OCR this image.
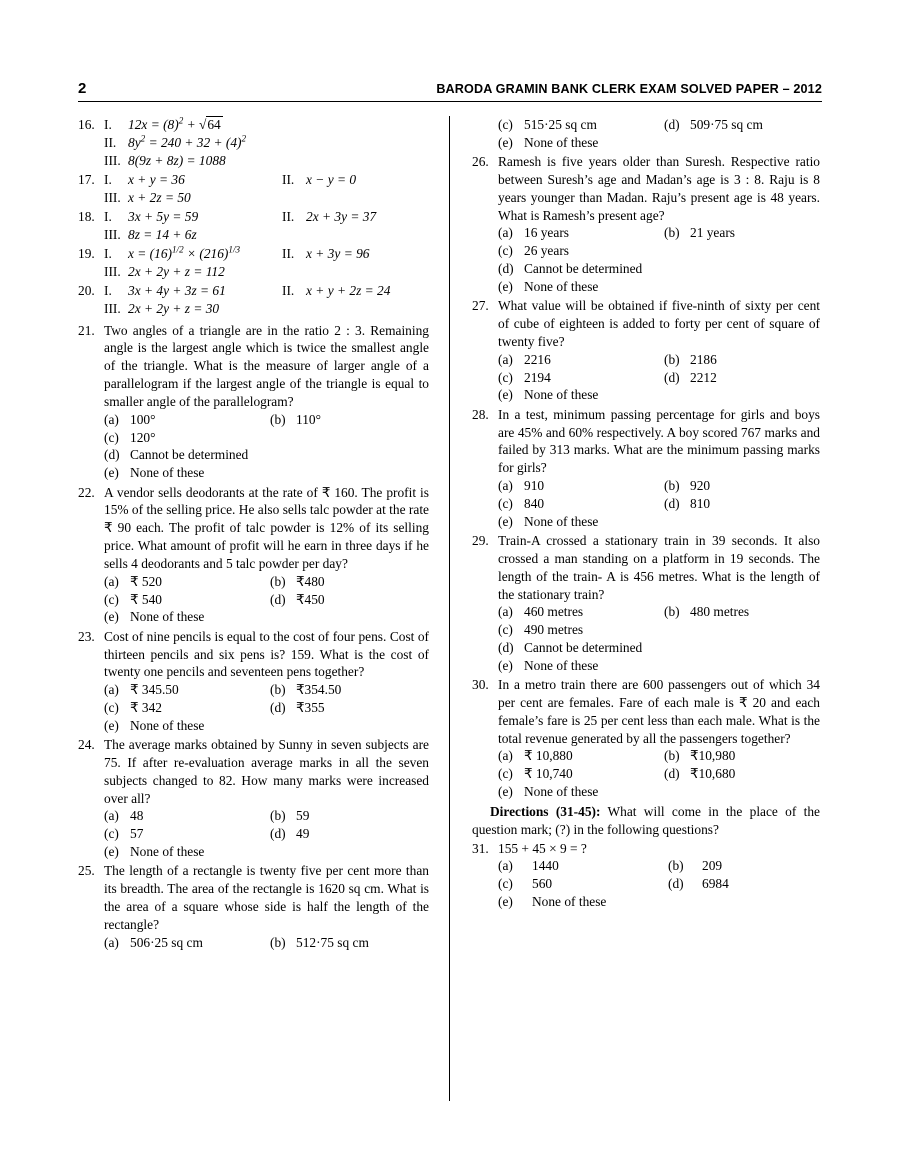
2	BARODA GRAMIN BANK CLERK EXAM SOLVED PAPER – 2012
16. I.	$12x = (8)^2 + √64$
II. $8y^2 = 240 + 32 + (4)^2$
III. 8(9z + 8z) = 1088
17. I.	x + y = 36	II. x − y = 0
III. x + 2z = 50
18. I.	3x + 5y = 59	II. 2x + 3y = 37
III. 8z = 14 + 6z
19. I.	$x = (16)^{1/2} \times (216)^{1/3}$	II. x + 3y = 96
III. 2x + 2y + z = 112
20. I.	3x + 4y + 3z = 61	II. x + y + 2z = 24
III. 2x + 2y + z = 30
21. Two angles of a triangle are in the ratio 2 : 3. Remaining angle is the largest angle which is twice the smallest angle of the triangle. What is the measure of larger angle of a parallelogram if the largest angle of the triangle is equal to smaller angle of the parallelogram?
(a) 100°	(b) 110°
(c) 120°
(d) Cannot be determined
(e) None of these
22. A vendor sells deodorants at the rate of ₹ 160. The profit is 15% of the selling price. He also sells talc powder at the rate ₹ 90 each. The profit of talc powder is 12% of its selling price. What amount of profit will he earn in three days if he sells 4 deodorants and 5 talc powder per day?
(a) ₹ 520	(b) ₹480
(c) ₹ 540	(d) ₹450
(e) None of these
23. Cost of nine pencils is equal to the cost of four pens. Cost of thirteen pencils and six pens is? 159. What is the cost of twenty one pencils and seventeen pens together?
(a) ₹ 345.50	(b) ₹354.50
(c) ₹ 342	(d) ₹355
(e) None of these
24. The average marks obtained by Sunny in seven subjects are 75. If after re-evaluation average marks in all the seven subjects changed to 82. How many marks were increased over all?
(a) 48	(b) 59
(c) 57	(d) 49
(e) None of these
25. The length of a rectangle is twenty five per cent more than its breadth. The area of the rectangle is 1620 sq cm. What is the area of a square whose side is half the length of the rectangle?
(a) 506·25 sq cm	(b) 512·75 sq cm
(c) 515·25 sq cm	(d) 509·75 sq cm
(e) None of these
26. Ramesh is five years older than Suresh. Respective ratio between Suresh’s age and Madan’s age is 3 : 8. Raju is 8 years younger than Madan. Raju’s present age is 48 years. What is Ramesh’s present age?
(a) 16 years	(b) 21 years
(c) 26 years
(d) Cannot be determined
(e) None of these
27. What value will be obtained if five-ninth of sixty per cent of cube of eighteen is added to forty per cent of square of twenty five?
(a) 2216	(b) 2186
(c) 2194	(d) 2212
(e) None of these
28. In a test, minimum passing percentage for girls and boys are 45% and 60% respectively. A boy scored 767 marks and failed by 313 marks. What are the minimum passing marks for girls?
(a) 910	(b) 920
(c) 840	(d) 810
(e) None of these
29. Train-A crossed a stationary train in 39 seconds. It also crossed a man standing on a platform in 19 seconds. The length of the train- A is 456 metres. What is the length of the stationary train?
(a) 460 metres	(b) 480 metres
(c) 490 metres
(d) Cannot be determined
(e) None of these
30. In a metro train there are 600 passengers out of which 34 per cent are females. Fare of each male is ₹ 20 and each female’s fare is 25 per cent less than each male. What is the total revenue generated by all the passengers together?
(a) ₹ 10,880	(b) ₹10,980
(c) ₹ 10,740	(d) ₹10,680
(e) None of these
Directions (31-45): What will come in the place of the question mark; (?) in the following questions?
31. 155 + 45 × 9 = ?
(a)	1440	(b)	209
(c)	560	(d)	6984
(e)	None of these
